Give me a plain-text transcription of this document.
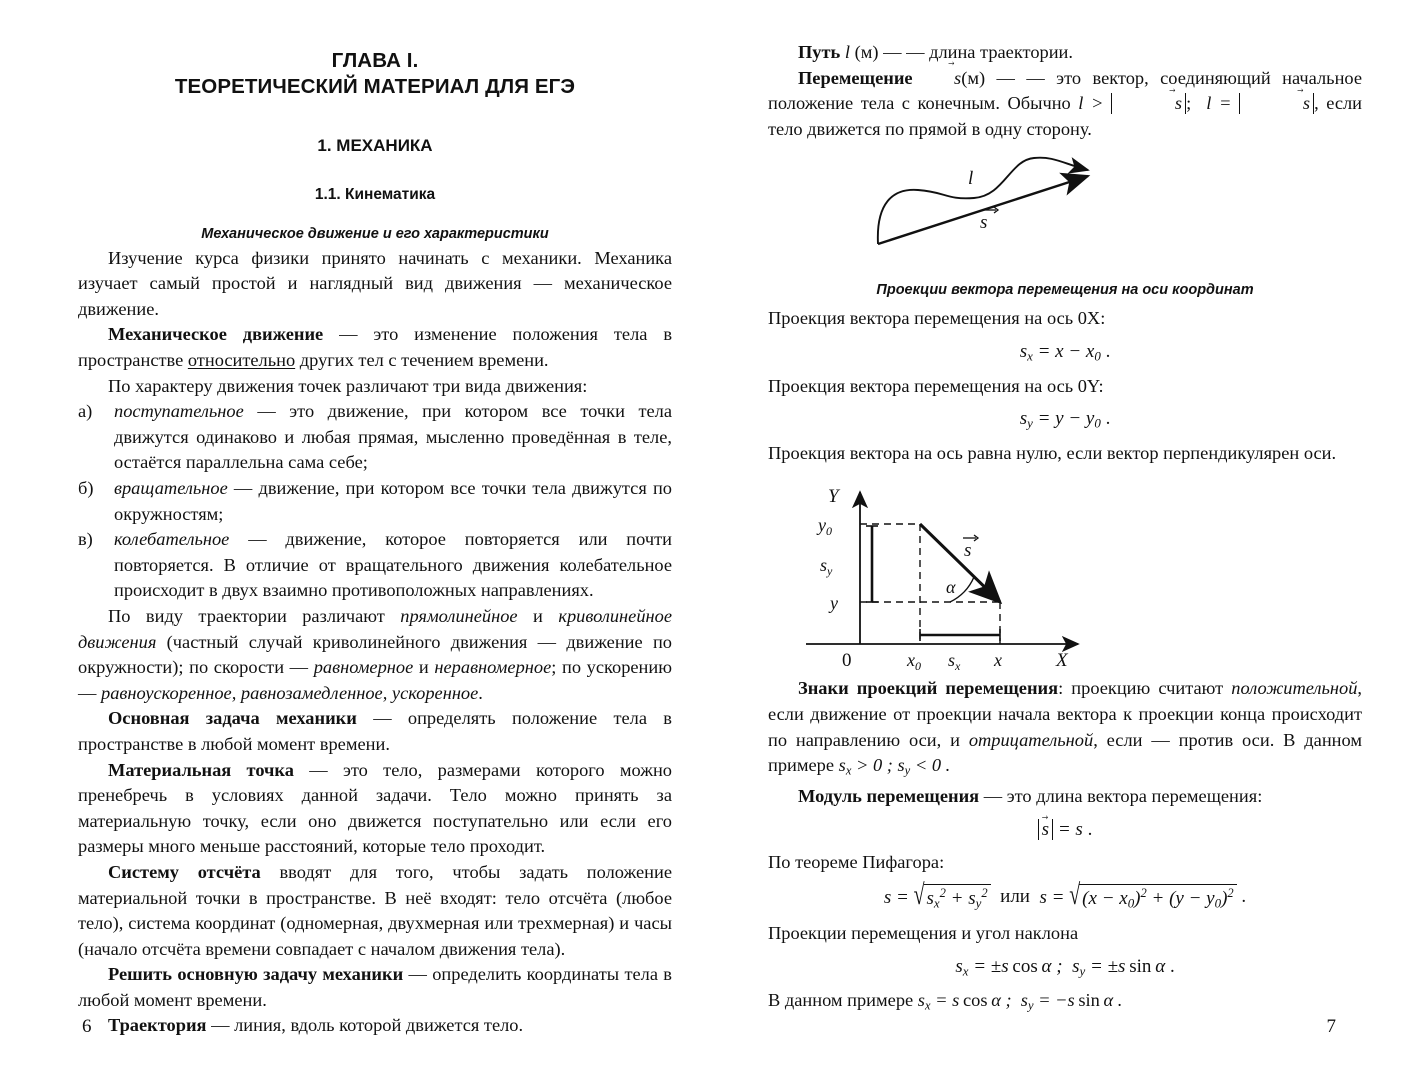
ГЛАВА I.
ТЕОРЕТИЧЕСКИЙ МАТЕРИАЛ ДЛЯ ЕГЭ
1. МЕХАНИКА
1.1. Кинематика
Механическое движение и его характеристики

Изучение курса физики принято начинать с механики. Механика изучает самый простой и наглядный вид движения — механическое движение.

Механическое движение — это изменение положения тела в пространстве относительно других тел с течением времени.

По характеру движения точек различают три вида движения:

а)	поступательное — это движение, при котором все точки тела движутся одинаково и любая прямая, мысленно проведённая в теле, остаётся параллельна сама себе;
б)	вращательное — движение, при котором все точки тела движутся по окружностям;
в)	колебательное — движение, которое повторяется или почти повторяется. В отличие от вращательного движения колебательное происходит в двух взаимно противоположных направлениях.

По виду траектории различают прямолинейное и криволинейное движения (частный случай криволинейного движения — движение по окружности); по скорости — равномерное и неравномерное; по ускорению — равноускоренное, равнозамедленное, ускоренное.

Основная задача механики — определять положение тела в пространстве в любой момент времени.

Материальная точка — это тело, размерами которого можно пренебречь в условиях данной задачи. Тело можно принять за материальную точку, если оно движется поступательно или если его размеры много меньше расстояний, которые тело проходит.

Систему отсчёта вводят для того, чтобы задать положение материальной точки в пространстве. В неё входят: тело отсчёта (любое тело), система координат (одномерная, двухмерная или трехмерная) и часы (начало отсчёта времени совпадает с началом движения тела).

Решить основную задачу механики — определить координаты тела в любой момент времени.

Траектория — линия, вдоль которой движется тело.

6

Путь l (м) — — длина траектории.

Перемещение s →(м) — — это вектор, соединяющий начальное положение тела с конечным. Обычно l >	s → ; l =	s → , если тело движется по прямой в одну сторону.

l
s
Проекции вектора перемещения на оси координат

Проекция вектора перемещения на ось 0X:

$s_x = x - x_0$ .

Проекция вектора перемещения на ось 0Y:

$s_y = y - y_0$ .

Проекция вектора на ось равна нулю, если вектор перпендикулярен оси.

Y
X
0
$y_0$
$s_y$
y
$x_0$ $s_x$ x
s
α

Знаки проекций перемещения: проекцию считают положительной, если движение от проекции начала вектора к проекции конца происходит по направлению оси, и отрицательной, если — против оси. В данном примере $s_x > 0$ ; $s_y < 0$ .

Модуль перемещения — это длина вектора перемещения:

s → = s .

По теореме Пифагора:

s = √ $s_x^2 + s_y^2$ или s = √ $(x - x_0)^2 + (y - y_0)^2$ .

Проекции перемещения и угол наклона

$s_x = \pm s$  cos α ;  $s_y = \pm s$  sin α .

В данном примере $s_x = s$  cos α ;  $s_y = -s$  sin α .

7
